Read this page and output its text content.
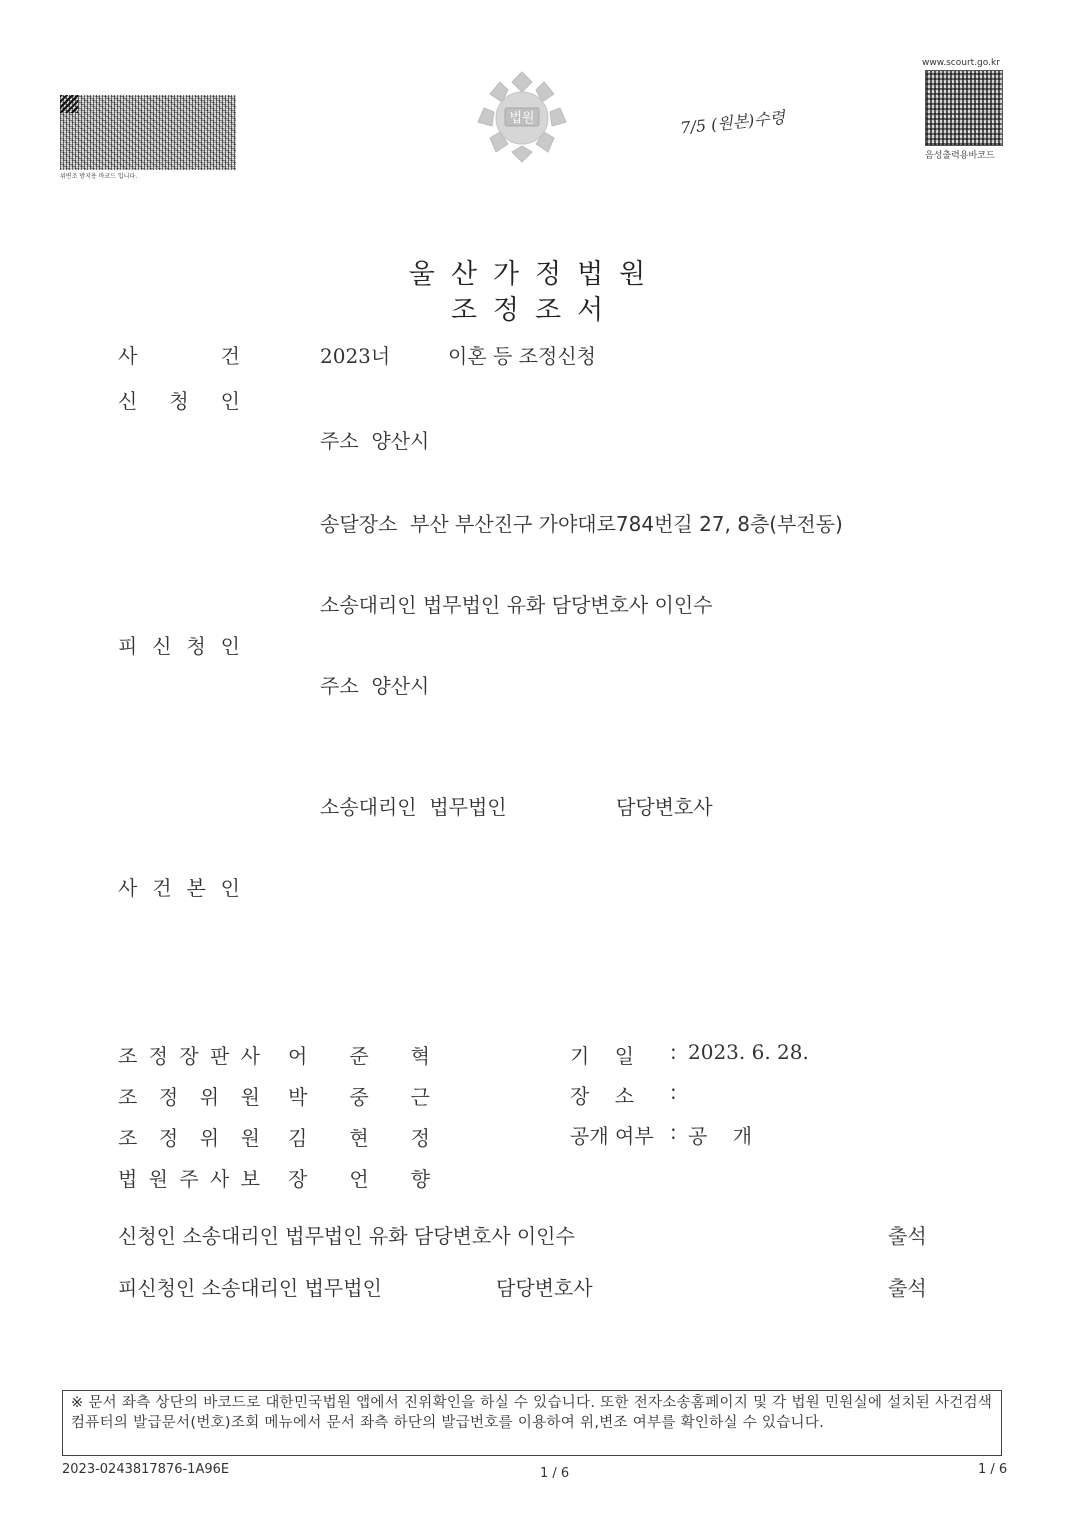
위변조 방지용 바코드 입니다.
법원	7/5 (원본)수령
www.scourt.go.kr
음성출력용바코드
울산가정법원
조정조서
사	건	2023너	이혼 등 조정신청
신 청 인
주소  양산시
송달장소  부산 부산진구 가야대로784번길 27, 8층(부전동)
소송대리인 법무법인 유화 담당변호사 이인수
피 신 청 인
주소  양산시
소송대리인  법무법인	담당변호사
사 건 본 인
조 정 장 판 사 어 준 혁
조 정 위 원 박 중 근
조 정 위 원 김 현 정
법 원 주 사 보 장 언 향
기    일 : 2023. 6. 28.
장    소 :
공개 여부 : 공    개
신청인 소송대리인 법무법인 유화 담당변호사 이인수	출석
피신청인 소송대리인 법무법인	담당변호사	출석
※ 문서 좌측 상단의 바코드로 대한민국법원 앱에서 진위확인을 하실 수 있습니다. 또한 전자소송홈페이지 및 각 법원 민원실에 설치된 사건검색 컴퓨터의 발급문서(번호)조회 메뉴에서 문서 좌측 하단의 발급번호를 이용하여 위,변조 여부를 확인하실 수 있습니다.
2023-0243817876-1A96E	1 / 6	1 / 6
